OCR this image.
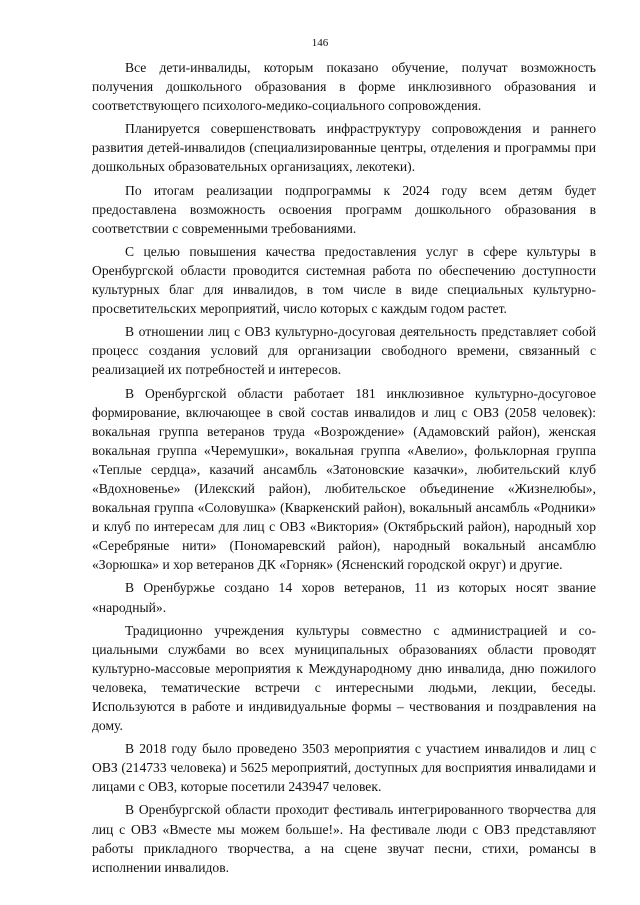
146

Все дети-инвалиды, которым показано обучение, получат возможность получения дошкольного образования в форме инклюзивного образования и соответствующего психолого-медико-социального сопровождения.

Планируется совершенствовать инфраструктуру сопровождения и раннего развития детей-инвалидов (специализированные центры, отделения и программы при дошкольных образовательных организациях, лекотеки).

По итогам реализации подпрограммы к 2024 году всем детям будет предоставлена возможность освоения программ дошкольного образования в соответствии с современными требованиями.

С целью повышения качества предоставления услуг в сфере культуры в Оренбургской области проводится системная работа по обеспечению доступности культурных благ для инвалидов, в том числе в виде специальных культурно-просветительских мероприятий, число которых с каждым годом растет.

В отношении лиц с ОВЗ культурно-досуговая деятельность представляет собой процесс создания условий для организации свободного времени, связанный с реализацией их потребностей и интересов.

В Оренбургской области работает 181 инклюзивное культурно-досуговое формирование, включающее в свой состав инвалидов и лиц с ОВЗ (2058 человек): вокальная группа ветеранов труда «Возрождение» (Адамовский район), женская вокальная группа «Черемушки», вокальная группа «Авелио», фольклорная группа «Теплые сердца», казачий ансамбль «Затоновские казачки», любительский клуб «Вдохновенье» (Илекский район), любительское объединение «Жизнелюбы», вокальная группа «Соловушка» (Кваркенский район), вокальный ансамбль «Родники» и клуб по интересам для лиц с ОВЗ «Виктория» (Октябрьский район), народный хор «Серебряные нити» (Пономаревский район), народный вокальный ансамблю «Зорюшка» и хор ветеранов ДК «Горняк» (Ясненский городской округ) и другие.

В Оренбуржье создано 14 хоров ветеранов, 11 из которых носят звание «народный».

Традиционно учреждения культуры совместно с администрацией и социальными службами во всех муниципальных образованиях области проводят культурно-массовые мероприятия к Международному дню инвалида, дню пожилого человека, тематические встречи с интересными людьми, лекции, беседы. Используются в работе и индивидуальные формы – чествования и поздравления на дому.

В 2018 году было проведено 3503 мероприятия с участием инвалидов и лиц с ОВЗ (214733 человека) и 5625 мероприятий, доступных для восприятия инвалидами и лицами с ОВЗ, которые посетили 243947 человек.

В Оренбургской области проходит фестиваль интегрированного творчества для лиц с ОВЗ «Вместе мы можем больше!». На фестивале люди с ОВЗ представляют работы прикладного творчества, а на сцене звучат песни, стихи, романсы в исполнении инвалидов.
